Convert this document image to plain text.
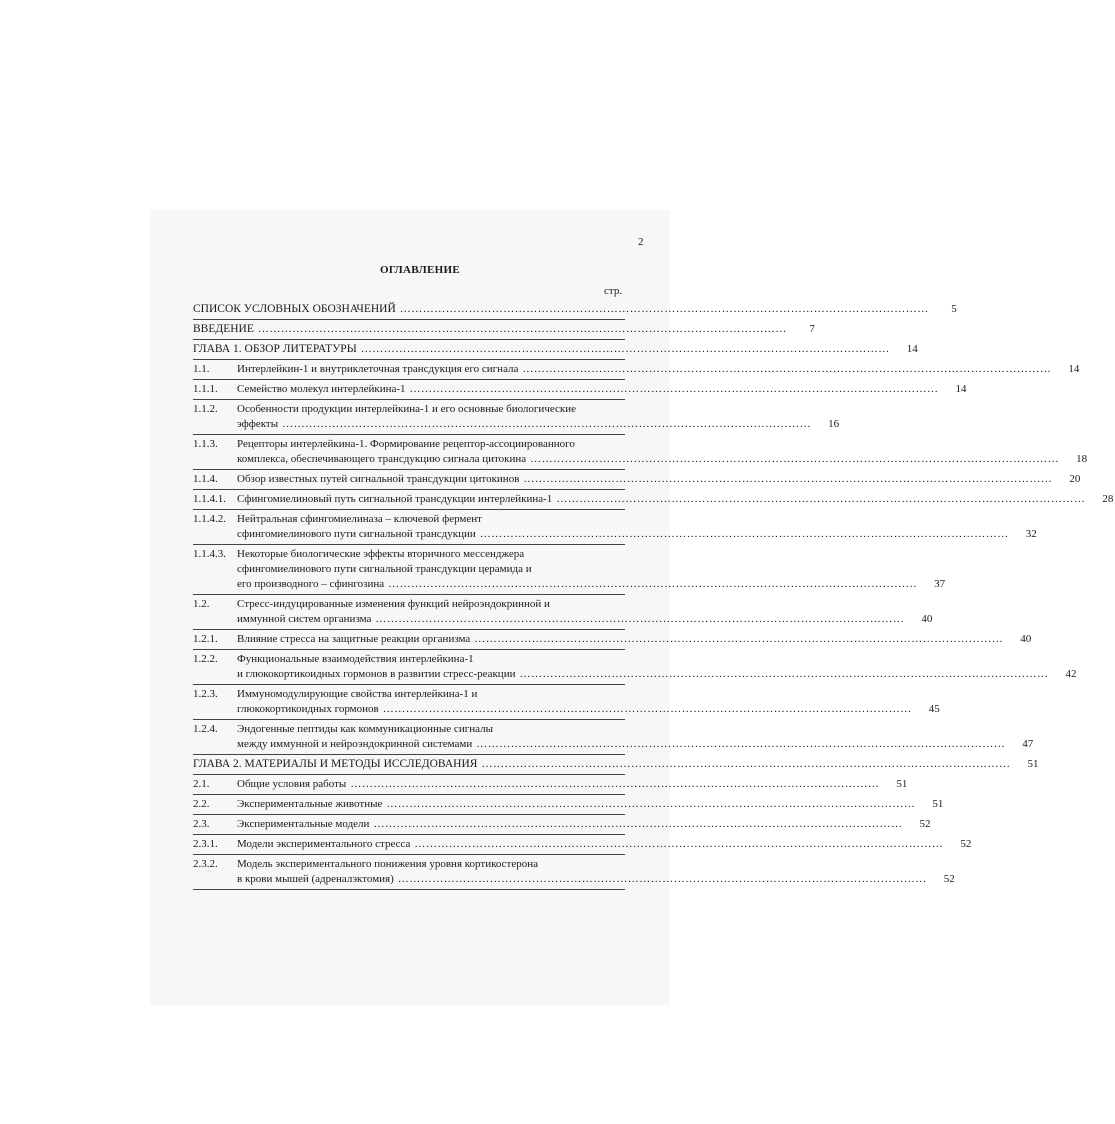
2
ОГЛАВЛЕНИЕ
стр.
СПИСОК УСЛОВНЫХ ОБОЗНАЧЕНИЙ …………………………………………………………………………………………………………………………	5
ВВЕДЕНИЕ …………………………………………………………………………………………………………………………	7
ГЛАВА 1. ОБЗОР ЛИТЕРАТУРЫ …………………………………………………………………………………………………………………………	14
1.1.	Интерлейкин-1 и внутриклеточная трансдукция его сигнала …………………………………………………………………………………………………………………………	14
1.1.1.	Семейство молекул интерлейкина-1 …………………………………………………………………………………………………………………………	14
1.1.2.	Особенности продукции интерлейкина-1 и его основные биологические
эффекты …………………………………………………………………………………………………………………………	16
1.1.3.	Рецепторы интерлейкина-1. Формирование рецептор-ассоциированного
комплекса, обеспечивающего трансдукцию сигнала цитокина …………………………………………………………………………………………………………………………	18
1.1.4.	Обзор известных путей сигнальной трансдукции цитокинов …………………………………………………………………………………………………………………………	20
1.1.4.1.	Сфингомиелиновый путь сигнальной трансдукции интерлейкина-1 …………………………………………………………………………………………………………………………	28
1.1.4.2.	Нейтральная сфингомиелиназа – ключевой фермент
сфингомиелинового пути сигнальной трансдукции …………………………………………………………………………………………………………………………	32
1.1.4.3.	Некоторые биологические эффекты вторичного мессенджера
сфингомиелинового пути сигнальной трансдукции церамида и
его производного – сфингозина …………………………………………………………………………………………………………………………	37
1.2.	Стресс-индуцированные изменения функций нейроэндокринной и
иммунной систем организма …………………………………………………………………………………………………………………………	40
1.2.1.	Влияние стресса на защитные реакции организма …………………………………………………………………………………………………………………………	40
1.2.2.	Функциональные взаимодействия интерлейкина-1
и глюкокортикоидных гормонов в развитии стресс-реакции …………………………………………………………………………………………………………………………	42
1.2.3.	Иммуномодулирующие свойства интерлейкина-1 и
глюкокортикоидных гормонов …………………………………………………………………………………………………………………………	45
1.2.4.	Эндогенные пептиды как коммуникационные сигналы
между иммунной и нейроэндокринной системами …………………………………………………………………………………………………………………………	47
ГЛАВА 2. МАТЕРИАЛЫ И МЕТОДЫ ИССЛЕДОВАНИЯ …………………………………………………………………………………………………………………………	51
2.1.	Общие условия работы …………………………………………………………………………………………………………………………	51
2.2.	Экспериментальные животные …………………………………………………………………………………………………………………………	51
2.3.	Экспериментальные модели …………………………………………………………………………………………………………………………	52
2.3.1.	Модели экспериментального стресса …………………………………………………………………………………………………………………………	52
2.3.2.	Модель экспериментального понижения уровня кортикостерона
в крови мышей (адреналэктомия) …………………………………………………………………………………………………………………………	52
